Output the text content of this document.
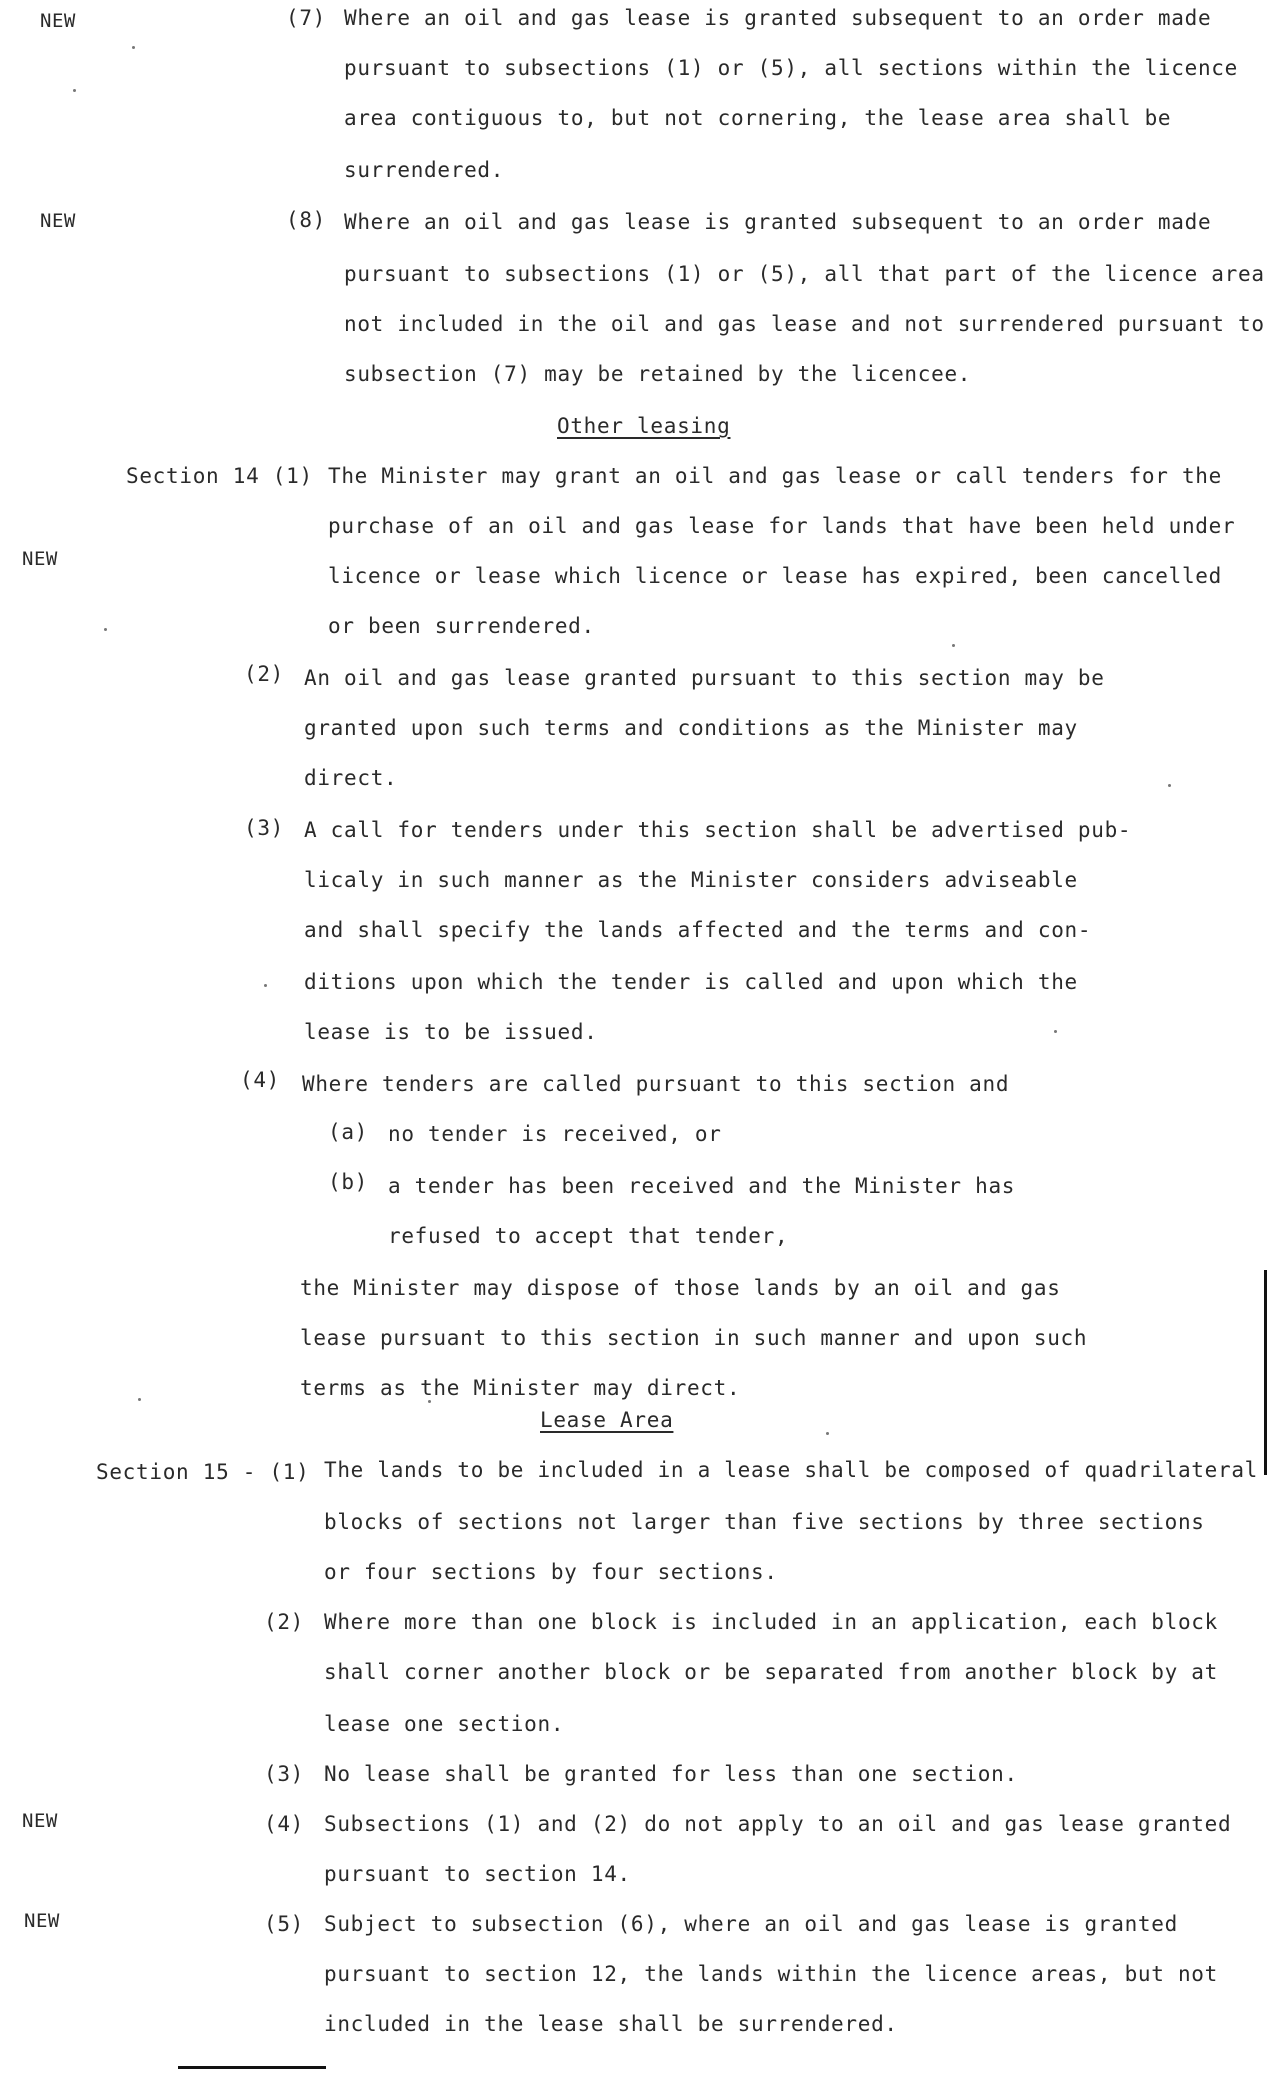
NEW
NEW
NEW
NEW
NEW
(7) Where an oil and gas lease is granted subsequent to an order made
pursuant to subsections (1) or (5), all sections within the licence
area contiguous to, but not cornering, the lease area shall be
surrendered.
(8) Where an oil and gas lease is granted subsequent to an order made
pursuant to subsections (1) or (5), all that part of the licence area
not included in the oil and gas lease and not surrendered pursuant to
subsection (7) may be retained by the licencee.
Other leasing
Section 14 (1) The Minister may grant an oil and gas lease or call tenders for the
purchase of an oil and gas lease for lands that have been held under
licence or lease which licence or lease has expired, been cancelled
or been surrendered.
(2) An oil and gas lease granted pursuant to this section may be
granted upon such terms and conditions as the Minister may
direct.
(3) A call for tenders under this section shall be advertised pub-
licaly in such manner as the Minister considers adviseable
and shall specify the lands affected and the terms and con-
ditions upon which the tender is called and upon which the
lease is to be issued.
(4) Where tenders are called pursuant to this section and
(a) no tender is received, or
(b) a tender has been received and the Minister has
refused to accept that tender,
the Minister may dispose of those lands by an oil and gas
lease pursuant to this section in such manner and upon such
terms as the Minister may direct.
Lease Area
Section 15 - (1) The lands to be included in a lease shall be composed of quadrilateral
blocks of sections not larger than five sections by three sections
or four sections by four sections.
(2) Where more than one block is included in an application, each block
shall corner another block or be separated from another block by at
lease one section.
(3) No lease shall be granted for less than one section.
(4) Subsections (1) and (2) do not apply to an oil and gas lease granted
pursuant to section 14.
(5) Subject to subsection (6), where an oil and gas lease is granted
pursuant to section 12, the lands within the licence areas, but not
included in the lease shall be surrendered.
